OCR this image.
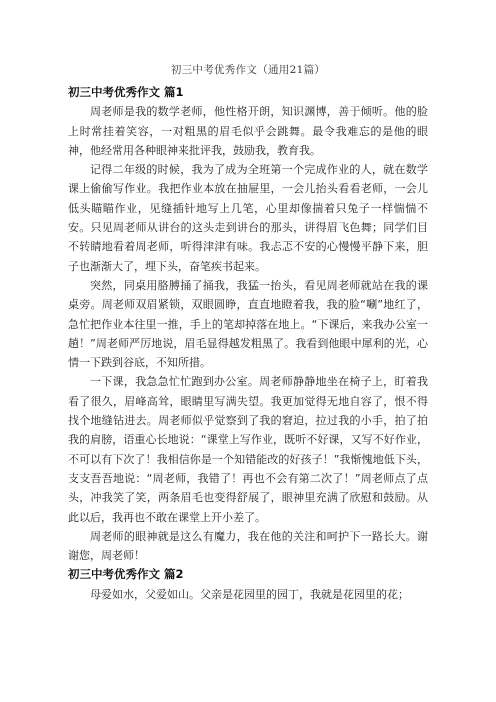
初三中考优秀作文（通用21篇）
初三中考优秀作文 篇1

周老师是我的数学老师，他性格开朗，知识渊博，善于倾听。他的脸上时常挂着笑容，一对粗黑的眉毛似乎会跳舞。最令我难忘的是他的眼神，他经常用各种眼神来批评我，鼓励我，教育我。

记得二年级的时候，我为了成为全班第一个完成作业的人，就在数学课上偷偷写作业。我把作业本放在抽屉里，一会儿抬头看看老师，一会儿低头瞄瞄作业，见缝插针地写上几笔，心里却像揣着只兔子一样惴惴不安。只见周老师从讲台的这头走到讲台的那头，讲得眉飞色舞；同学们目不转睛地看着周老师，听得津津有味。我忐忑不安的心慢慢平静下来，胆子也渐渐大了，埋下头，奋笔疾书起来。

突然，同桌用胳膊捅了捅我，我猛一抬头，看见周老师就站在我的课桌旁。周老师双眉紧锁，双眼圆睁，直直地瞪着我，我的脸“唰”地红了，急忙把作业本往里一推，手上的笔却掉落在地上。“下课后，来我办公室一趟！”周老师严厉地说，眉毛显得越发粗黑了。我看到他眼中犀利的光，心情一下跌到谷底，不知所措。

一下课，我急急忙忙跑到办公室。周老师静静地坐在椅子上，盯着我看了很久，眉峰高耸，眼睛里写满失望。我更加觉得无地自容了，恨不得找个地缝钻进去。周老师似乎觉察到了我的窘迫，拉过我的小手，拍了拍我的肩膀，语重心长地说：“课堂上写作业，既听不好课，又写不好作业，不可以有下次了！我相信你是一个知错能改的好孩子！”我惭愧地低下头，支支吾吾地说：“周老师，我错了！再也不会有第二次了！”周老师点了点头，冲我笑了笑，两条眉毛也变得舒展了，眼神里充满了欣慰和鼓励。从此以后，我再也不敢在课堂上开小差了。

周老师的眼神就是这么有魔力，我在他的关注和呵护下一路长大。谢谢您，周老师！

初三中考优秀作文 篇2

母爱如水，父爱如山。父亲是花园里的园丁，我就是花园里的花；
